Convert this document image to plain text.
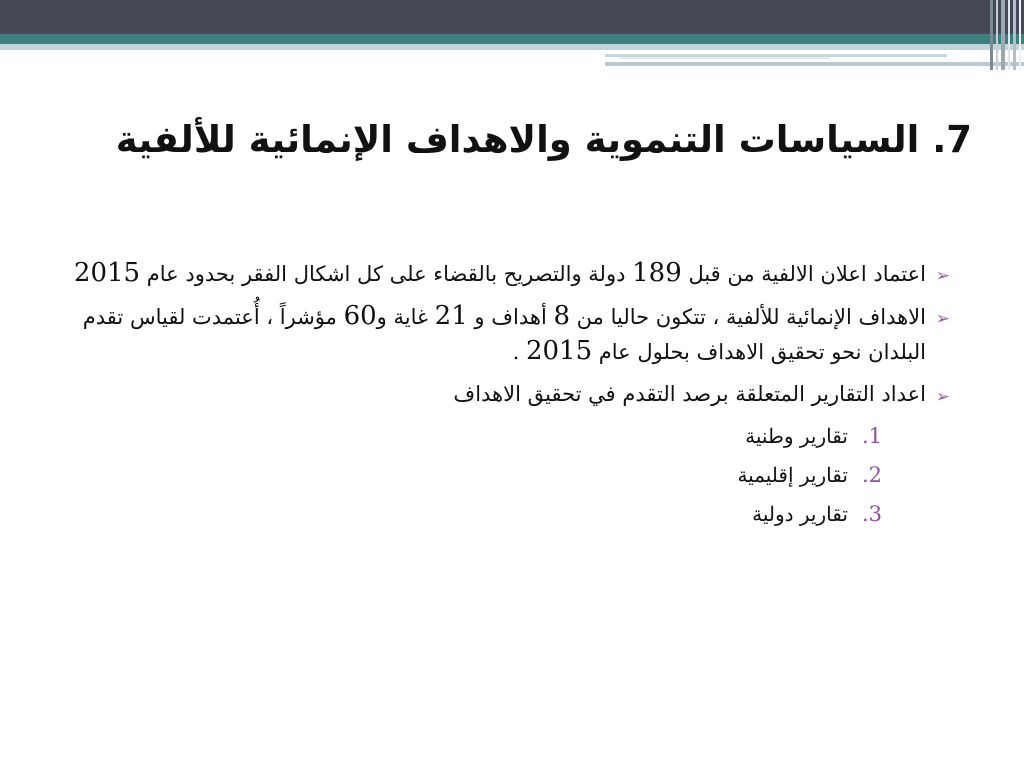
7. السياسات التنموية والاهداف الإنمائية للألفية
➢
اعتماد اعلان الالفية من قبل 189 دولة والتصريح بالقضاء على كل اشكال الفقر بحدود عام 2015
➢
الاهداف الإنمائية للألفية ، تتكون حاليا من 8 أهداف و 21 غاية و60 مؤشراً ، أُعتمدت لقياس تقدم البلدان نحو تحقيق الاهداف بحلول عام 2015 .
➢
اعداد التقارير المتعلقة برصد التقدم في تحقيق الاهداف
1.تقارير وطنية
2.تقارير إقليمية
3.تقارير دولية
